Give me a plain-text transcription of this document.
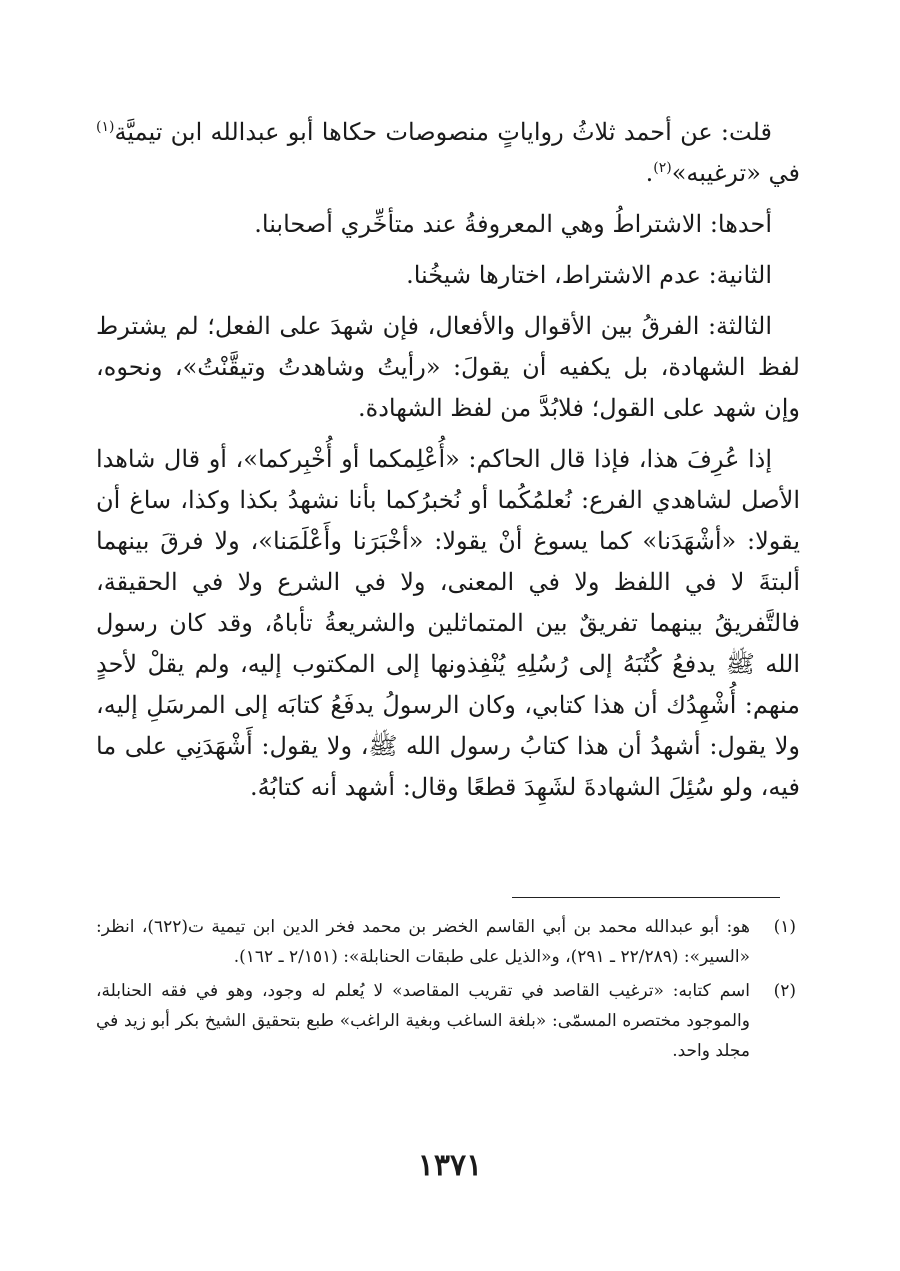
قلت: عن أحمد ثلاثُ رواياتٍ منصوصات حكاها أبو عبدالله ابن تيميَّة$^{(١)}$ في «ترغيبه»$^{(٢)}$.

أحدها: الاشتراطُ وهي المعروفةُ عند متأخِّري أصحابنا.

الثانية: عدم الاشتراط، اختارها شيخُنا.

الثالثة: الفرقُ بين الأقوال والأفعال، فإن شهدَ على الفعل؛ لم يشترط لفظ الشهادة، بل يكفيه أن يقولَ: «رأيتُ وشاهدتُ وتيقَّنْتُ»، ونحوه، وإن شهد على القول؛ فلابُدَّ من لفظ الشهادة.

إذا عُرِفَ هذا، فإذا قال الحاكم: «أُعْلِمكما أو أُخْبِركما»، أو قال شاهدا الأصل لشاهدي الفرع: نُعلمُكُما أو نُخبرُكما بأنا نشهدُ بكذا وكذا، ساغ أن يقولا: «أشْهَدَنا» كما يسوغ أنْ يقولا: «أخْبَرَنا وأَعْلَمَنا»، ولا فرقَ بينهما ألبتةَ لا في اللفظ ولا في المعنى، ولا في الشرع ولا في الحقيقة، فالتَّفريقُ بينهما تفريقٌ بين المتماثلين والشريعةُ تأباهُ، وقد كان رسول الله ﷺ يدفعُ كُتُبَهُ إلى رُسُلِهِ يُنْفِذونها إلى المكتوب إليه، ولم يقلْ لأحدٍ منهم: أُشْهِدُك أن هذا كتابي، وكان الرسولُ يدفَعُ كتابَه إلى المرسَلِ إليه، ولا يقول: أشهدُ أن هذا كتابُ رسول الله ﷺ، ولا يقول: أَشْهَدَنِي على ما فيه، ولو سُئِلَ الشهادةَ لشَهِدَ قطعًا وقال: أشهد أنه كتابُهُ.

(١)
هو: أبو عبدالله محمد بن أبي القاسم الخضر بن محمد فخر الدين ابن تيمية ت(٦٢٢)، انظر: «السير»: (٢٢/٢٨٩ ـ ٢٩١)، و«الذيل على طبقات الحنابلة»: (٢/١٥١ ـ ١٦٢).
(٢)
اسم كتابه: «ترغيب القاصد في تقريب المقاصد» لا يُعلم له وجود، وهو في فقه الحنابلة، والموجود مختصره المسمّى: «بلغة الساغب وبغية الراغب» طبع بتحقيق الشيخ بكر أبو زيد في مجلد واحد.
١٣٧١
